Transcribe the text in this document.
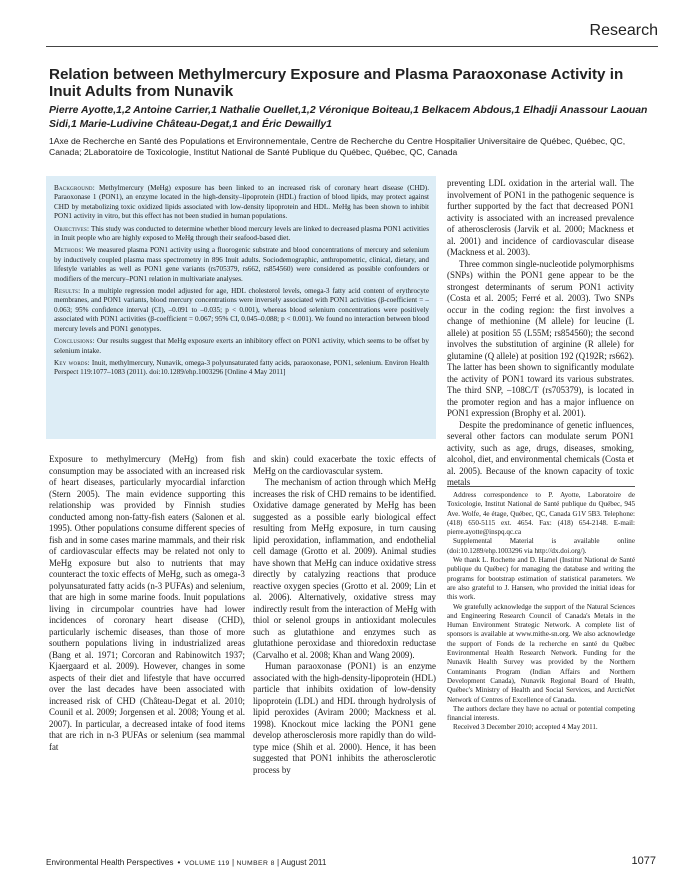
Research
Relation between Methylmercury Exposure and Plasma Paraoxonase Activity in Inuit Adults from Nunavik
Pierre Ayotte,1,2 Antoine Carrier,1 Nathalie Ouellet,1,2 Véronique Boiteau,1 Belkacem Abdous,1 Elhadji Anassour Laouan Sidi,1 Marie-Ludivine Château-Degat,1 and Éric Dewailly1
1Axe de Recherche en Santé des Populations et Environnementale, Centre de Recherche du Centre Hospitalier Universitaire de Québec, Québec, QC, Canada; 2Laboratoire de Toxicologie, Institut National de Santé Publique du Québec, Québec, QC, Canada

Background: Methylmercury (MeHg) exposure has been linked to an increased risk of coronary heart disease (CHD). Paraoxonase 1 (PON1), an enzyme located in the high-density–lipoprotein (HDL) fraction of blood lipids, may protect against CHD by metabolizing toxic oxidized lipids associated with low-density lipoprotein and HDL. MeHg has been shown to inhibit PON1 activity in vitro, but this effect has not been studied in human populations.

Objectives: This study was conducted to determine whether blood mercury levels are linked to decreased plasma PON1 activities in Inuit people who are highly exposed to MeHg through their seafood-based diet.

Methods: We measured plasma PON1 activity using a fluorogenic substrate and blood concentrations of mercury and selenium by inductively coupled plasma mass spectrometry in 896 Inuit adults. Sociodemographic, anthropometric, clinical, dietary, and lifestyle variables as well as PON1 gene variants (rs705379, rs662, rs854560) were considered as possible confounders or modifiers of the mercury–PON1 relation in multivariate analyses.

Results: In a multiple regression model adjusted for age, HDL cholesterol levels, omega-3 fatty acid content of erythrocyte membranes, and PON1 variants, blood mercury concentrations were inversely associated with PON1 activities (β-coefficient = –0.063; 95% confidence interval (CI), –0.091 to –0.035; p < 0.001), whereas blood selenium concentrations were positively associated with PON1 activities (β-coefficient = 0.067; 95% CI, 0.045–0.088; p < 0.001). We found no interaction between blood mercury levels and PON1 genotypes.

Conclusions: Our results suggest that MeHg exposure exerts an inhibitory effect on PON1 activity, which seems to be offset by selenium intake.

Key words: Inuit, methylmercury, Nunavik, omega-3 polyunsaturated fatty acids, paraoxonase, PON1, selenium. Environ Health Perspect 119:1077–1083 (2011). doi:10.1289/ehp.1003296 [Online 4 May 2011]

Exposure to methylmercury (MeHg) from fish consumption may be associated with an increased risk of heart diseases, particularly myocardial infarction (Stern 2005). The main evidence supporting this relationship was provided by Finnish studies conducted among non-fatty-fish eaters (Salonen et al. 1995). Other populations consume different species of fish and in some cases marine mammals, and their risk of cardiovascular effects may be related not only to MeHg exposure but also to nutrients that may counteract the toxic effects of MeHg, such as omega-3 polyunsaturated fatty acids (n-3 PUFAs) and selenium, that are high in some marine foods. Inuit populations living in circumpolar countries have had lower incidences of coronary heart disease (CHD), particularly ischemic diseases, than those of more southern populations living in industrialized areas (Bang et al. 1971; Corcoran and Rabinowitch 1937; Kjaergaard et al. 2009). However, changes in some aspects of their diet and lifestyle that have occurred over the last decades have been associated with increased risk of CHD (Château-Degat et al. 2010; Counil et al. 2009; Jorgensen et al. 2008; Young et al. 2007). In particular, a decreased intake of food items that are rich in n-3 PUFAs or selenium (sea mammal fat

and skin) could exacerbate the toxic effects of MeHg on the cardiovascular system.

The mechanism of action through which MeHg increases the risk of CHD remains to be identified. Oxidative damage generated by MeHg has been suggested as a possible early biological effect resulting from MeHg exposure, in turn causing lipid peroxidation, inflammation, and endothelial cell damage (Grotto et al. 2009). Animal studies have shown that MeHg can induce oxidative stress directly by catalyzing reactions that produce reactive oxygen species (Grotto et al. 2009; Lin et al. 2006). Alternatively, oxidative stress may indirectly result from the interaction of MeHg with thiol or selenol groups in antioxidant molecules such as glutathione and enzymes such as glutathione peroxidase and thioredoxin reductase (Carvalho et al. 2008; Khan and Wang 2009).

Human paraoxonase (PON1) is an enzyme associated with the high-density-lipoprotein (HDL) particle that inhibits oxidation of low-density lipoprotein (LDL) and HDL through hydrolysis of lipid peroxides (Aviram 2000; Mackness et al. 1998). Knockout mice lacking the PON1 gene develop atherosclerosis more rapidly than do wild-type mice (Shih et al. 2000). Hence, it has been suggested that PON1 inhibits the atherosclerotic process by

preventing LDL oxidation in the arterial wall. The involvement of PON1 in the pathogenic sequence is further supported by the fact that decreased PON1 activity is associated with an increased prevalence of atherosclerosis (Jarvik et al. 2000; Mackness et al. 2001) and incidence of cardiovascular disease (Mackness et al. 2003).

Three common single-nucleotide polymorphisms (SNPs) within the PON1 gene appear to be the strongest determinants of serum PON1 activity (Costa et al. 2005; Ferré et al. 2003). Two SNPs occur in the coding region: the first involves a change of methionine (M allele) for leucine (L allele) at position 55 (L55M; rs854560); the second involves the substitution of arginine (R allele) for glutamine (Q allele) at position 192 (Q192R; rs662). The latter has been shown to significantly modulate the activity of PON1 toward its various substrates. The third SNP, –108C/T (rs705379), is located in the promoter region and has a major influence on PON1 expression (Brophy et al. 2001).

Despite the predominance of genetic influences, several other factors can modulate serum PON1 activity, such as age, drugs, diseases, smoking, alcohol, diet, and environmental chemicals (Costa et al. 2005). Because of the known capacity of toxic metals

Address correspondence to P. Ayotte, Laboratoire de Toxicologie, Institut National de Santé publique du Québec, 945 Ave. Wolfe, 4e étage, Québec, QC, Canada G1V 5B3. Telephone: (418) 650-5115 ext. 4654. Fax: (418) 654-2148. E-mail: pierre.ayotte@inspq.qc.ca

Supplemental Material is available online (doi:10.1289/ehp.1003296 via http://dx.doi.org/).

We thank L. Rochette and D. Hamel (Institut National de Santé publique du Québec) for managing the database and writing the programs for bootstrap estimation of statistical parameters. We are also grateful to J. Hansen, who provided the initial ideas for this work.

We gratefully acknowledge the support of the Natural Sciences and Engineering Research Council of Canada's Metals in the Human Environment Strategic Network. A complete list of sponsors is available at www.mithe-sn.org. We also acknowledge the support of Fonds de la recherche en santé du Québec Environmental Health Research Network. Funding for the Nunavik Health Survey was provided by the Northern Contaminants Program (Indian Affairs and Northern Development Canada), Nunavik Regional Board of Health, Québec's Ministry of Health and Social Services, and ArcticNet Network of Centres of Excellence of Canada.

The authors declare they have no actual or potential competing financial interests.

Received 3 December 2010; accepted 4 May 2011.

Environmental Health Perspectives • VOLUME 119 | NUMBER 8 | August 2011	1077
